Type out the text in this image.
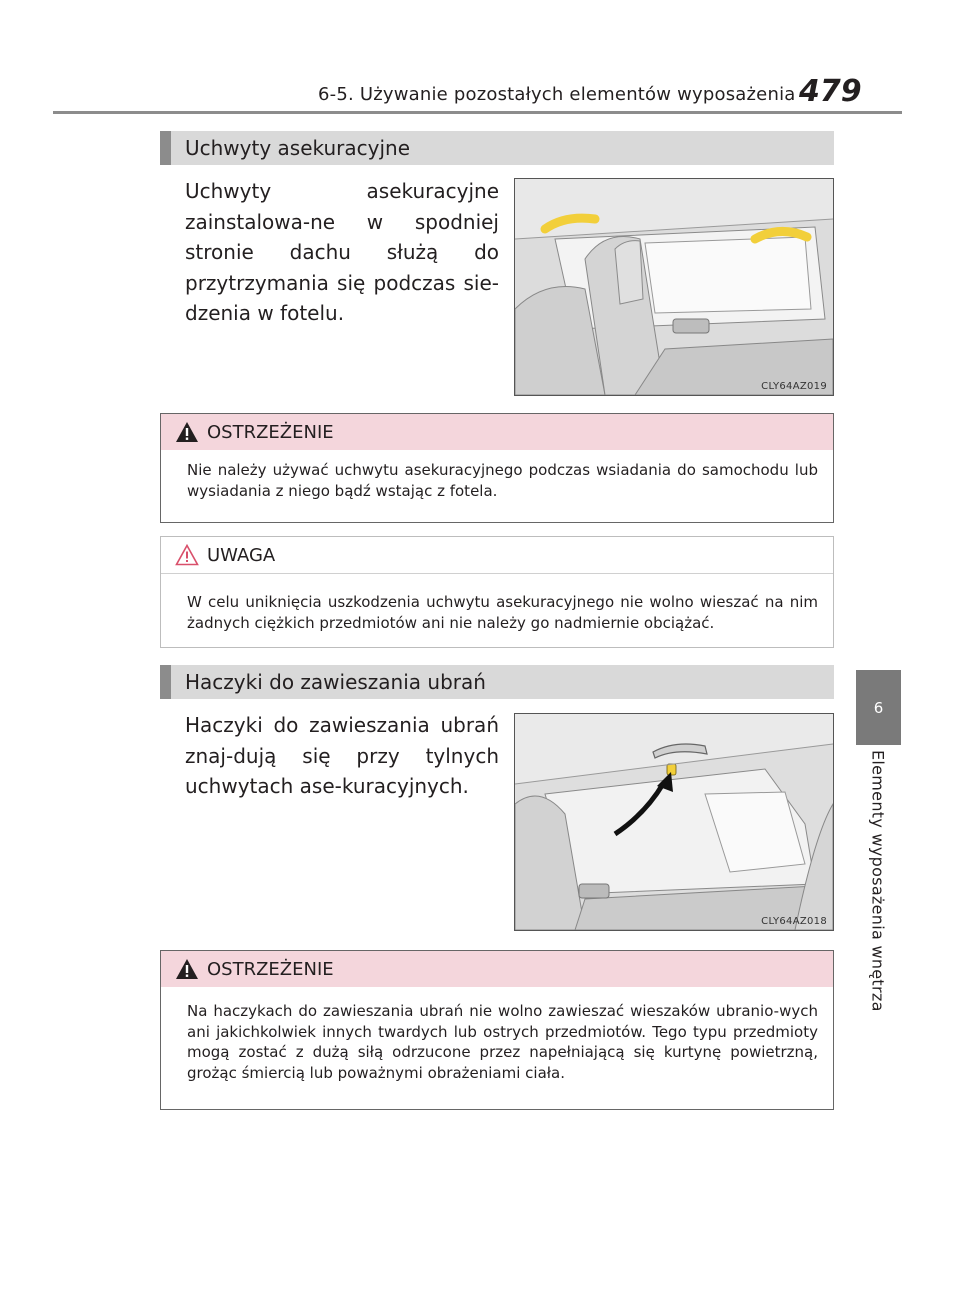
6-5. Używanie pozostałych elementów wyposażenia 479
6
Elementy wyposażenia wnętrza
Uchwyty asekuracyjne
Uchwyty asekuracyjne zainstalowa-ne w spodniej stronie dachu służą do przytrzymania się podczas sie-dzenia w fotelu.
CLY64AZ019
OSTRZEŻENIE
Nie należy używać uchwytu asekuracyjnego podczas wsiadania do samochodu lub wysiadania z niego bądź wstając z fotela.
UWAGA
W celu uniknięcia uszkodzenia uchwytu asekuracyjnego nie wolno wieszać na nim żadnych ciężkich przedmiotów ani nie należy go nadmiernie obciążać.
Haczyki do zawieszania ubrań
Haczyki do zawieszania ubrań znaj-dują się przy tylnych uchwytach ase-kuracyjnych.
CLY64AZ018
OSTRZEŻENIE
Na haczykach do zawieszania ubrań nie wolno zawieszać wieszaków ubranio-wych ani jakichkolwiek innych twardych lub ostrych przedmiotów. Tego typu przedmioty mogą zostać z dużą siłą odrzucone przez napełniającą się kurtynę powietrzną, grożąc śmiercią lub poważnymi obrażeniami ciała.
